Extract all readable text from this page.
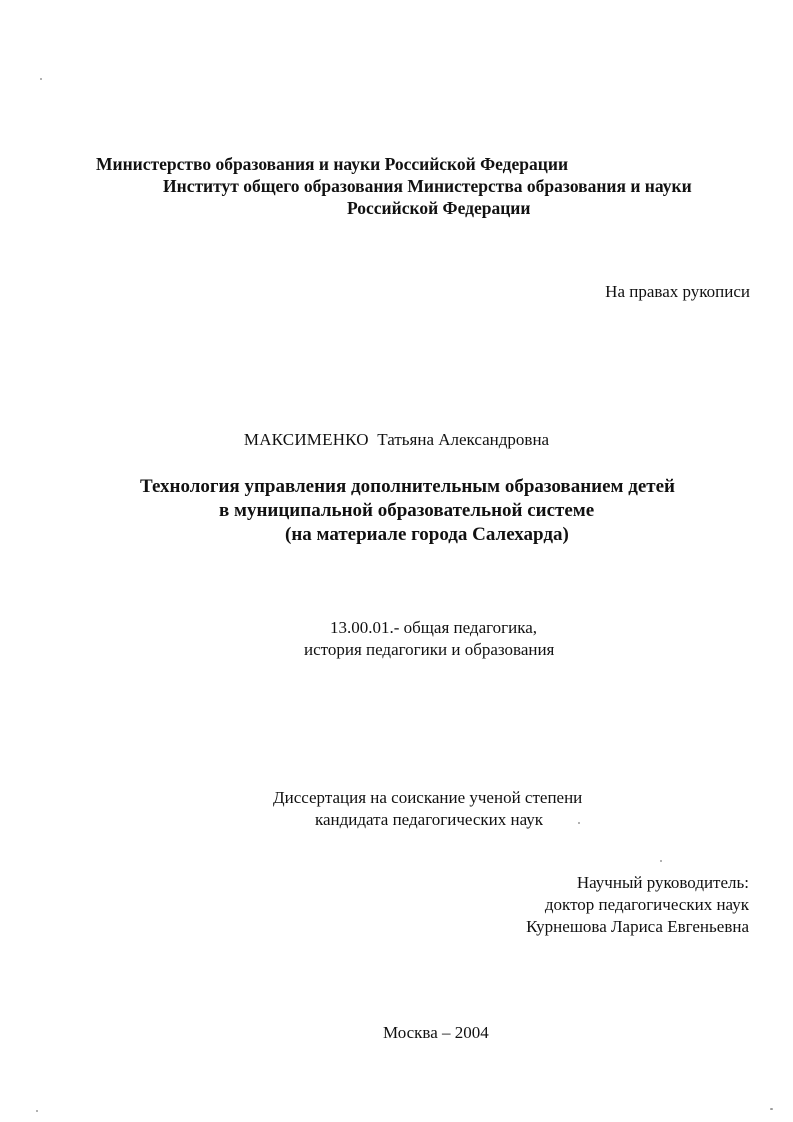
Министерство образования и науки Российской Федерации
Институт общего образования Министерства образования и науки
Российской Федерации
На правах рукописи
МАКСИМЕНКО Татьяна Александровна
Технология управления дополнительным образованием детей
в муниципальной образовательной системе
(на материале города Салехарда)
13.00.01.- общая педагогика,
история педагогики и образования
Диссертация на соискание ученой степени
кандидата педагогических наук
Научный руководитель:
доктор педагогических наук
Курнешова Лариса Евгеньевна
Москва – 2004
